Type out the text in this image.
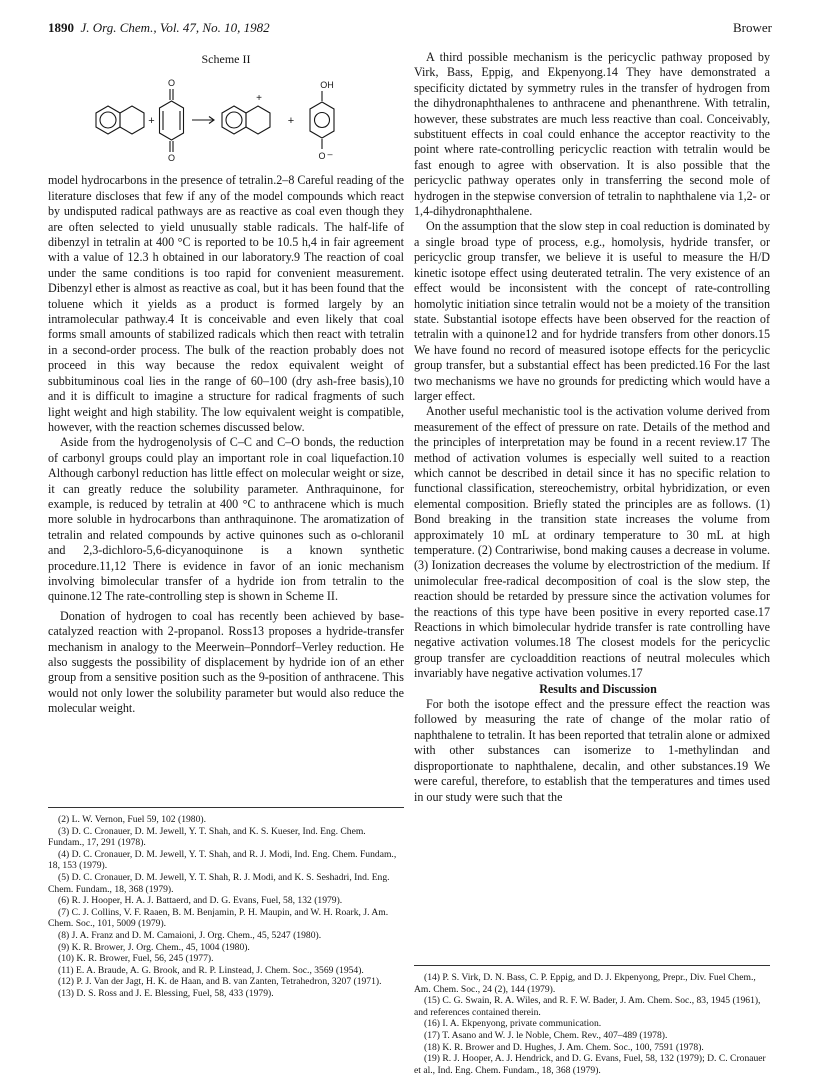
1890 J. Org. Chem., Vol. 47, No. 10, 1982	Brower
Scheme II
O
O
+
+
+
OH
O –

model hydrocarbons in the presence of tetralin.2–8 Careful reading of the literature discloses that few if any of the model compounds which react by undisputed radical pathways are as reactive as coal even though they are often selected to yield unusually stable radicals. The half-life of dibenzyl in tetralin at 400 °C is reported to be 10.5 h,4 in fair agreement with a value of 12.3 h obtained in our laboratory.9 The reaction of coal under the same conditions is too rapid for convenient measurement. Dibenzyl ether is almost as reactive as coal, but it has been found that the toluene which it yields as a product is formed largely by an intramolecular pathway.4 It is conceivable and even likely that coal forms small amounts of stabilized radicals which then react with tetralin in a second-order process. The bulk of the reaction probably does not proceed in this way because the redox equivalent weight of subbituminous coal lies in the range of 60–100 (dry ash-free basis),10 and it is difficult to imagine a structure for radical fragments of such light weight and high stability. The low equivalent weight is compatible, however, with the reaction schemes discussed below.

Aside from the hydrogenolysis of C–C and C–O bonds, the reduction of carbonyl groups could play an important role in coal liquefaction.10 Although carbonyl reduction has little effect on molecular weight or size, it can greatly reduce the solubility parameter. Anthraquinone, for example, is reduced by tetralin at 400 °C to anthracene which is much more soluble in hydrocarbons than anthraquinone. The aromatization of tetralin and related compounds by active quinones such as o-chloranil and 2,3-dichloro-5,6-dicyanoquinone is a known synthetic procedure.11,12 There is evidence in favor of an ionic mechanism involving bimolecular transfer of a hydride ion from tetralin to the quinone.12 The rate-controlling step is shown in Scheme II.

Donation of hydrogen to coal has recently been achieved by base-catalyzed reaction with 2-propanol. Ross13 proposes a hydride-transfer mechanism in analogy to the Meerwein–Ponndorf–Verley reduction. He also suggests the possibility of displacement by hydride ion of an ether group from a sensitive position such as the 9-position of anthracene. This would not only lower the solubility parameter but would also reduce the molecular weight.

(2) L. W. Vernon, Fuel 59, 102 (1980).
(3) D. C. Cronauer, D. M. Jewell, Y. T. Shah, and K. S. Kueser, Ind. Eng. Chem. Fundam., 17, 291 (1978).
(4) D. C. Cronauer, D. M. Jewell, Y. T. Shah, and R. J. Modi, Ind. Eng. Chem. Fundam., 18, 153 (1979).
(5) D. C. Cronauer, D. M. Jewell, Y. T. Shah, R. J. Modi, and K. S. Seshadri, Ind. Eng. Chem. Fundam., 18, 368 (1979).
(6) R. J. Hooper, H. A. J. Battaerd, and D. G. Evans, Fuel, 58, 132 (1979).
(7) C. J. Collins, V. F. Raaen, B. M. Benjamin, P. H. Maupin, and W. H. Roark, J. Am. Chem. Soc., 101, 5009 (1979).
(8) J. A. Franz and D. M. Camaioni, J. Org. Chem., 45, 5247 (1980).
(9) K. R. Brower, J. Org. Chem., 45, 1004 (1980).
(10) K. R. Brower, Fuel, 56, 245 (1977).
(11) E. A. Braude, A. G. Brook, and R. P. Linstead, J. Chem. Soc., 3569 (1954).
(12) P. J. Van der Jagt, H. K. de Haan, and B. van Zanten, Tetrahedron, 3207 (1971).
(13) D. S. Ross and J. E. Blessing, Fuel, 58, 433 (1979).

A third possible mechanism is the pericyclic pathway proposed by Virk, Bass, Eppig, and Ekpenyong.14 They have demonstrated a specificity dictated by symmetry rules in the transfer of hydrogen from the dihydronaphthalenes to anthracene and phenanthrene. With tetralin, however, these substrates are much less reactive than coal. Conceivably, substituent effects in coal could enhance the acceptor reactivity to the point where rate-controlling pericyclic reaction with tetralin would be fast enough to agree with observation. It is also possible that the pericyclic pathway operates only in transferring the second mole of hydrogen in the stepwise conversion of tetralin to naphthalene via 1,2- or 1,4-dihydronaphthalene.

On the assumption that the slow step in coal reduction is dominated by a single broad type of process, e.g., homolysis, hydride transfer, or pericyclic group transfer, we believe it is useful to measure the H/D kinetic isotope effect using deuterated tetralin. The very existence of an effect would be inconsistent with the concept of rate-controlling homolytic initiation since tetralin would not be a moiety of the transition state. Substantial isotope effects have been observed for the reaction of tetralin with a quinone12 and for hydride transfers from other donors.15 We have found no record of measured isotope effects for the pericyclic group transfer, but a substantial effect has been predicted.16 For the last two mechanisms we have no grounds for predicting which would have a larger effect.

Another useful mechanistic tool is the activation volume derived from measurement of the effect of pressure on rate. Details of the method and the principles of interpretation may be found in a recent review.17 The method of activation volumes is especially well suited to a reaction which cannot be described in detail since it has no specific relation to functional classification, stereochemistry, orbital hybridization, or even elemental composition. Briefly stated the principles are as follows. (1) Bond breaking in the transition state increases the volume from approximately 10 mL at ordinary temperature to 30 mL at high temperature. (2) Contrariwise, bond making causes a decrease in volume. (3) Ionization decreases the volume by electrostriction of the medium. If unimolecular free-radical decomposition of coal is the slow step, the reaction should be retarded by pressure since the activation volumes for the reactions of this type have been positive in every reported case.17 Reactions in which bimolecular hydride transfer is rate controlling have negative activation volumes.18 The closest models for the pericyclic group transfer are cycloaddition reactions of neutral molecules which invariably have negative activation volumes.17

Results and Discussion

For both the isotope effect and the pressure effect the reaction was followed by measuring the rate of change of the molar ratio of naphthalene to tetralin. It has been reported that tetralin alone or admixed with other substances can isomerize to 1-methylindan and disproportionate to naphthalene, decalin, and other substances.19 We were careful, therefore, to establish that the temperatures and times used in our study were such that the

(14) P. S. Virk, D. N. Bass, C. P. Eppig, and D. J. Ekpenyong, Prepr., Div. Fuel Chem., Am. Chem. Soc., 24 (2), 144 (1979).
(15) C. G. Swain, R. A. Wiles, and R. F. W. Bader, J. Am. Chem. Soc., 83, 1945 (1961), and references contained therein.
(16) I. A. Ekpenyong, private communication.
(17) T. Asano and W. J. le Noble, Chem. Rev., 407–489 (1978).
(18) K. R. Brower and D. Hughes, J. Am. Chem. Soc., 100, 7591 (1978).
(19) R. J. Hooper, A. J. Hendrick, and D. G. Evans, Fuel, 58, 132 (1979); D. C. Cronauer et al., Ind. Eng. Chem. Fundam., 18, 368 (1979).
